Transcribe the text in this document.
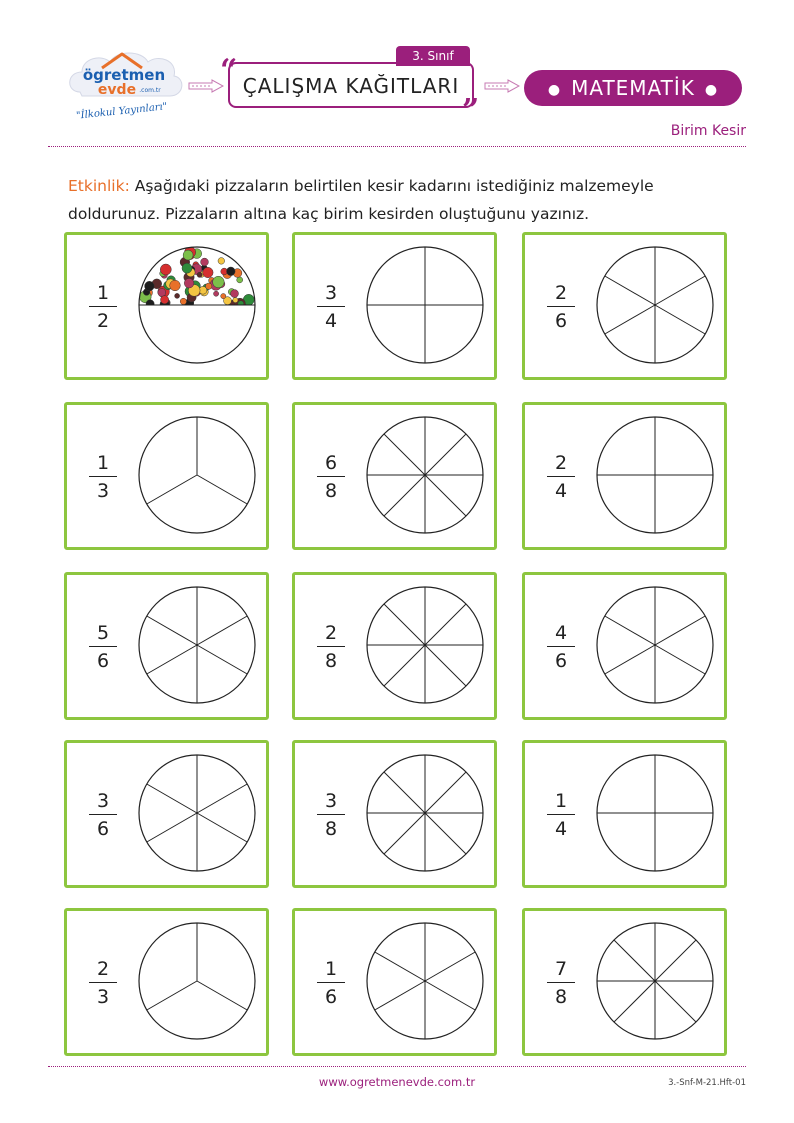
ögretmen
evde .com.tr
"İlkokul Yayınları"
3. Sınıf
ÇALIŞMA KAĞITLARI
“
”
● MATEMATİK ●
Birim Kesir
Etkinlik: Aşağıdaki pizzaların belirtilen kesir kadarını istediğiniz malzemeyle doldurunuz. Pizzaların altına kaç birim kesirden oluştuğunu yazınız.
1
2
3
4
2
6
1
3
6
8
2
4
5
6
2
8
4
6
3
6
3
8
1
4
2
3
1
6
7
8
www.ogretmenevde.com.tr	3.-Snf-M-21.Hft-01
